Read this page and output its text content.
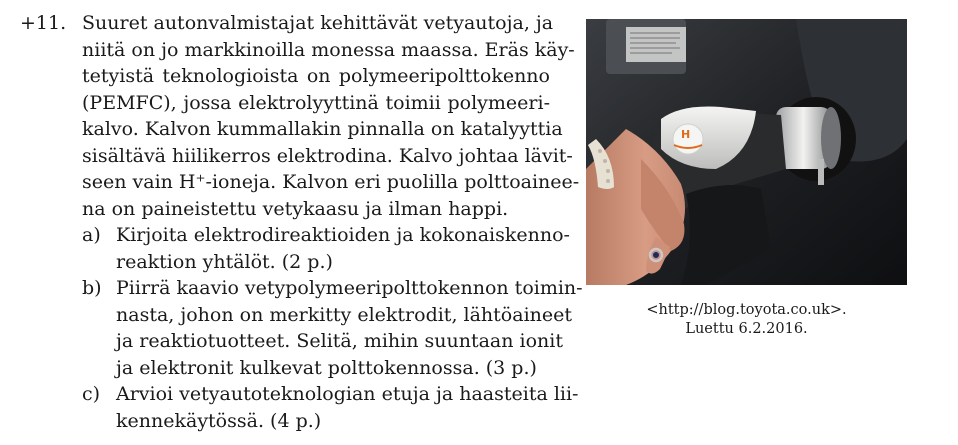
+11. Suuret autonvalmistajat kehittävät vetyautoja, ja
niitä on jo markkinoilla monessa maassa. Eräs käy-
tetyistä teknologioista on polymeeripolttokenno
(PEMFC), jossa elektrolyyttinä toimii polymeeri-
kalvo. Kalvon kummallakin pinnalla on katalyyttia
sisältävä hiilikerros elektrodina. Kalvo johtaa lävit-
seen vain H⁺-ioneja. Kalvon eri puolilla polttoainee-
na on paineistettu vetykaasu ja ilman happi.

a) Kirjoita elektrodireaktioiden ja kokonaiskenno-
reaktion yhtälöt. (2 p.)
b) Piirrä kaavio vetypolymeeripolttokennon toimin-
nasta, johon on merkitty elektrodit, lähtöaineet
ja reaktiotuotteet. Selitä, mihin suuntaan ionit
ja elektronit kulkevat polttokennossa. (3 p.)
c) Arvioi vetyautoteknologian etuja ja haasteita lii-
kennekäytössä. (4 p.)
H
<http://blog.toyota.co.uk>.
Luettu 6.2.2016.
